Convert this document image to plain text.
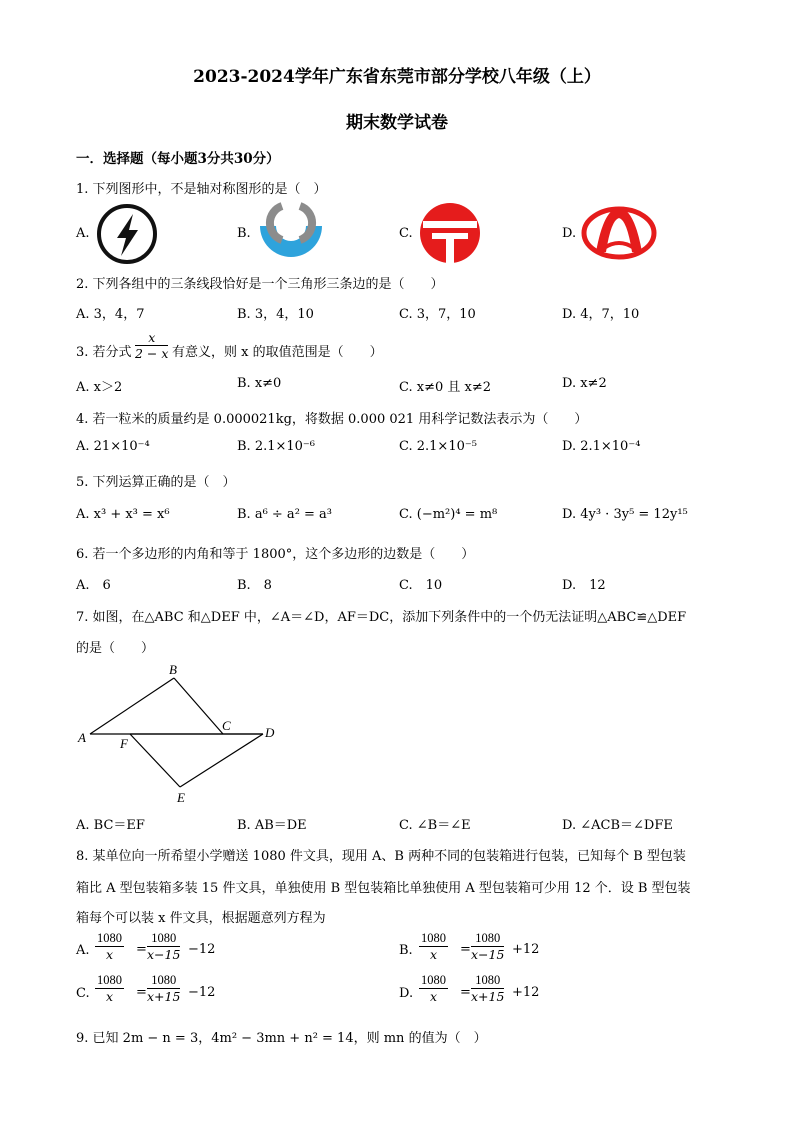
2023-2024学年广东省东莞市部分学校八年级（上）
期末数学试卷
一．选择题（每小题3分共30分）
1. 下列图形中，不是轴对称图形的是（　）
A.	B.	C.	D.
2. 下列各组中的三条线段恰好是一个三角形三条边的是（　　）
A. 3，4，7	B. 3，4，10	C. 3，7，10	D. 4，7，10
3. 若分式 $\frac{x}{2 - x}$ 有意义，则 x 的取值范围是（　　）
A. x＞2	B. x≠0	C. x≠0 且 x≠2	D. x≠2
4. 若一粒米的质量约是 0.000021kg，将数据 0.000 021 用科学记数法表示为（　　）
A. 21×10⁻⁴	B. 2.1×10⁻⁶	C. 2.1×10⁻⁵	D. 2.1×10⁻⁴
5. 下列运算正确的是（　）
A. x³ + x³ = x⁶	B. a⁶ ÷ a² = a³	C. (−m²)⁴ = m⁸	D. 4y³ · 3y⁵ = 12y¹⁵
6. 若一个多边形的内角和等于 1800°，这个多边形的边数是（　　）
A.　6	B.　8	C.　10	D.　12
7. 如图，在△ABC 和△DEF 中，∠A＝∠D，AF＝DC，添加下列条件中的一个仍无法证明△ABC≌△DEF
的是（　　）
A
B
C	D
E
F
A. BC＝EF	B. AB＝DE	C. ∠B＝∠E	D. ∠ACB＝∠DFE
8. 某单位向一所希望小学赠送 1080 件文具，现用 A、B 两种不同的包装箱进行包装，已知每个 B 型包装
箱比 A 型包装箱多装 15 件文具，单独使用 B 型包装箱比单独使用 A 型包装箱可少用 12 个．设 B 型包装
箱每个可以装 x 件文具，根据题意列方程为
A. $\frac{1080}{x} = \frac{1080}{x-15} -12$	B. $\frac{1080}{x} = \frac{1080}{x-15} +12$
C. $\frac{1080}{x} = \frac{1080}{x+15} -12$	D. $\frac{1080}{x} = \frac{1080}{x+15} +12$
9. 已知 2m − n = 3，4m² − 3mn + n² = 14，则 mn 的值为（　）
